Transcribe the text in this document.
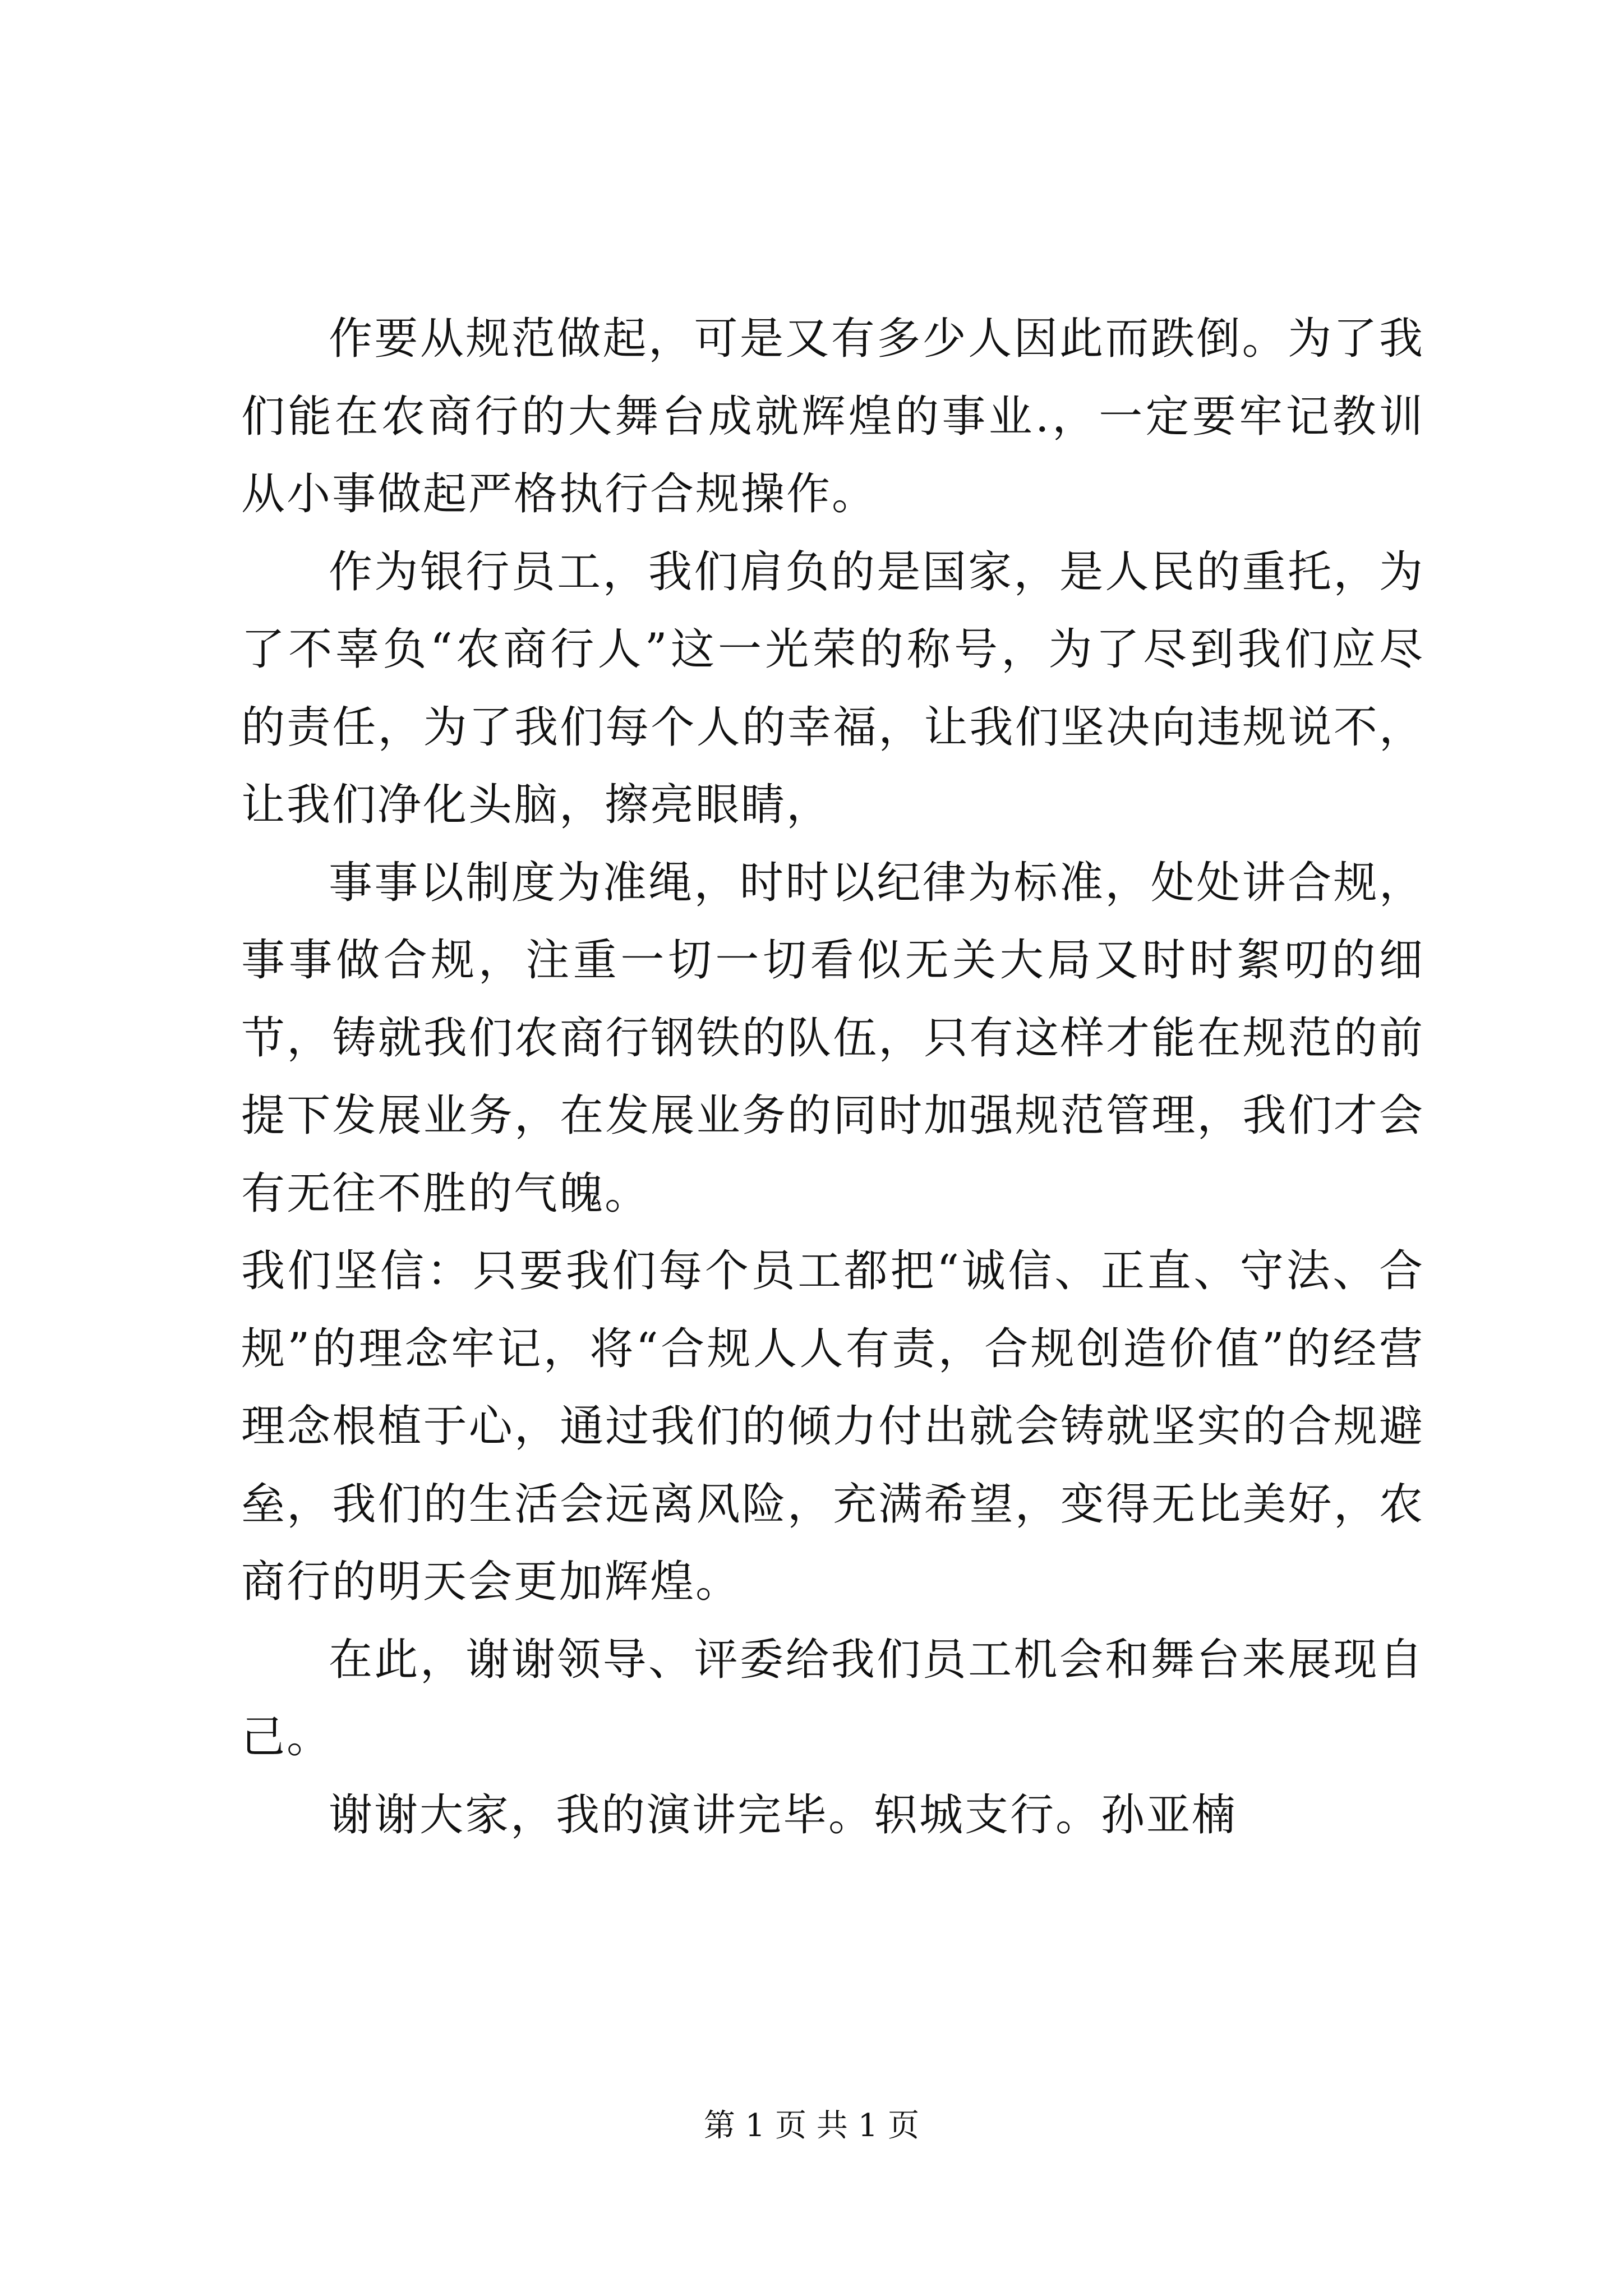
作要从规范做起，可是又有多少人因此而跌倒。为了我们能在农商行的大舞台成就辉煌的事业.，一定要牢记教训从小事做起严格执行合规操作。

作为银行员工，我们肩负的是国家，是人民的重托，为了不辜负“农商行人”这一光荣的称号，为了尽到我们应尽的责任，为了我们每个人的幸福，让我们坚决向违规说不，让我们净化头脑，擦亮眼睛，

事事以制度为准绳，时时以纪律为标准，处处讲合规，事事做合规，注重一切一切看似无关大局又时时絮叨的细节，铸就我们农商行钢铁的队伍，只有这样才能在规范的前提下发展业务，在发展业务的同时加强规范管理，我们才会有无往不胜的气魄。

我们坚信：只要我们每个员工都把“诚信、正直、守法、合规”的理念牢记，将“合规人人有责，合规创造价值”的经营理念根植于心，通过我们的倾力付出就会铸就坚实的合规避垒，我们的生活会远离风险，充满希望，变得无比美好，农商行的明天会更加辉煌。

在此，谢谢领导、评委给我们员工机会和舞台来展现自己。

谢谢大家，我的演讲完毕。轵城支行。孙亚楠

第 1 页 共 1 页
